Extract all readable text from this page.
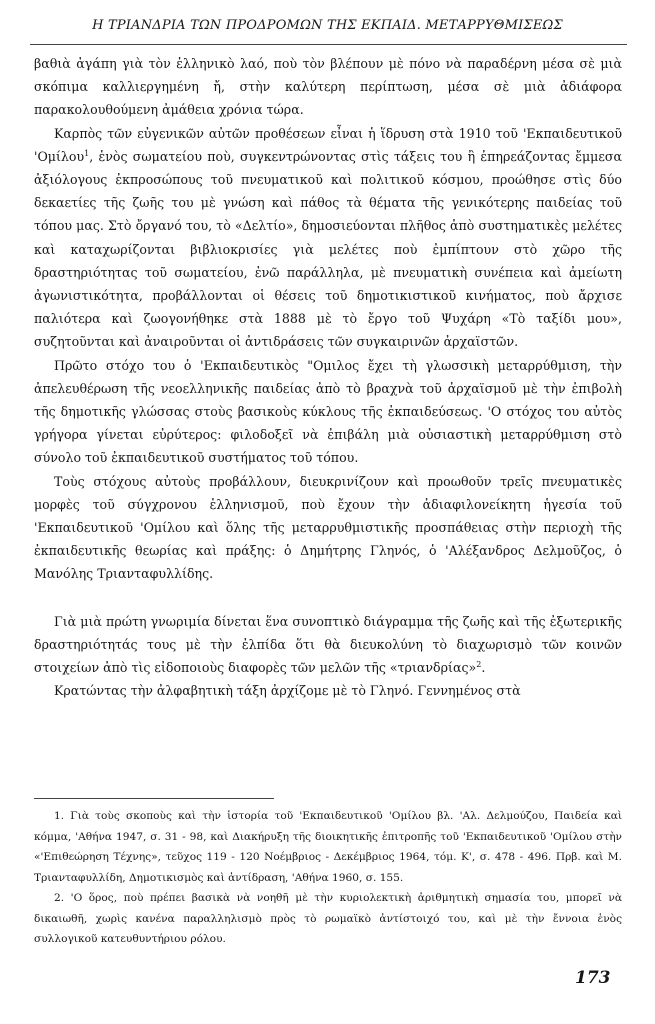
Η ΤΡΙΑΝΔΡΙΑ ΤΩΝ ΠΡΟΔΡΟΜΩΝ ΤΗΣ ΕΚΠΑΙΔ. ΜΕΤΑΡΡΥΘΜΙΣΕΩΣ

βαθιὰ ἀγάπη γιὰ τὸν ἑλληνικὸ λαό, ποὺ τὸν βλέπουν μὲ πόνο νὰ παραδέρνη μέσα σὲ μιὰ σκόπιμα καλλιεργημένη ἤ, στὴν καλύτερη περίπτωση, μέσα σὲ μιὰ ἀδιάφορα παρακολουθούμενη ἀμάθεια χρόνια τώρα.

Καρπὸς τῶν εὐγενικῶν αὐτῶν προθέσεων εἶναι ἡ ἵδρυση στὰ 1910 τοῦ 'Εκπαιδευτικοῦ 'Ομίλου$^1$, ἑνὸς σωματείου ποὺ, συγκεντρώνοντας στὶς τάξεις του ἢ ἐπηρεάζοντας ἔμμεσα ἀξιόλογους ἐκπροσώπους τοῦ πνευματικοῦ καὶ πολιτικοῦ κόσμου, προώθησε στὶς δύο δεκαετίες τῆς ζωῆς του μὲ γνώση καὶ πάθος τὰ θέματα τῆς γενικότερης παιδείας τοῦ τόπου μας. Στὸ ὄργανό του, τὸ «Δελτίο», δημοσιεύονται πλῆθος ἀπὸ συστηματικὲς μελέτες καὶ καταχωρίζονται βιβλιοκρισίες γιὰ μελέτες ποὺ ἐμπίπτουν στὸ χῶρο τῆς δραστηριότητας τοῦ σωματείου, ἐνῶ παράλληλα, μὲ πνευματικὴ συνέπεια καὶ ἀμείωτη ἀγωνιστικότητα, προβάλλονται οἱ θέσεις τοῦ δημοτικιστικοῦ κινήματος, ποὺ ἄρχισε παλιότερα καὶ ζωογονήθηκε στὰ 1888 μὲ τὸ ἔργο τοῦ Ψυχάρη «Τὸ ταξίδι μου», συζητοῦνται καὶ ἀναιροῦνται οἱ ἀντιδράσεις τῶν συγκαιρινῶν ἀρχαϊστῶν.

Πρῶτο στόχο του ὁ 'Εκπαιδευτικὸς "Ομιλος ἔχει τὴ γλωσσικὴ μεταρρύθμιση, τὴν ἀπελευθέρωση τῆς νεοελληνικῆς παιδείας ἀπὸ τὸ βραχνὰ τοῦ ἀρχαϊσμοῦ μὲ τὴν ἐπιβολὴ τῆς δημοτικῆς γλώσσας στοὺς βασικοὺς κύκλους τῆς ἐκπαιδεύσεως. 'Ο στόχος του αὐτὸς γρήγορα γίνεται εὐρύτερος: φιλοδοξεῖ νὰ ἐπιβάλη μιὰ οὐσιαστικὴ μεταρρύθμιση στὸ σύνολο τοῦ ἐκπαιδευτικοῦ συστήματος τοῦ τόπου.

Τοὺς στόχους αὐτοὺς προβάλλουν, διευκρινίζουν καὶ προωθοῦν τρεῖς πνευματικὲς μορφὲς τοῦ σύγχρονου ἑλληνισμοῦ, ποὺ ἔχουν τὴν ἀδιαφιλονείκητη ἡγεσία τοῦ 'Εκπαιδευτικοῦ 'Ομίλου καὶ ὅλης τῆς μεταρρυθμιστικῆς προσπάθειας στὴν περιοχὴ τῆς ἐκπαιδευτικῆς θεωρίας καὶ πράξης: ὁ Δημήτρης Γληνός, ὁ 'Αλέξανδρος Δελμοῦζος, ὁ Μανόλης Τριανταφυλλίδης.

Γιὰ μιὰ πρώτη γνωριμία δίνεται ἕνα συνοπτικὸ διάγραμμα τῆς ζωῆς καὶ τῆς ἐξωτερικῆς δραστηριότητάς τους μὲ τὴν ἐλπίδα ὅτι θὰ διευκολύνη τὸ διαχωρισμὸ τῶν κοινῶν στοιχείων ἀπὸ τὶς εἰδοποιοὺς διαφορὲς τῶν μελῶν τῆς «τριανδρίας»$^2$.

Κρατώντας τὴν ἀλφαβητικὴ τάξη ἀρχίζομε μὲ τὸ Γληνό. Γεννημένος στὰ

1. Γιὰ τοὺς σκοποὺς καὶ τὴν ἱστορία τοῦ 'Εκπαιδευτικοῦ 'Ομίλου βλ. 'Αλ. Δελμούζου, Παιδεία καὶ κόμμα, 'Αθήνα 1947, σ. 31 - 98, καὶ Διακήρυξη τῆς διοικητικῆς ἐπιτροπῆς τοῦ 'Εκπαιδευτικοῦ 'Ομίλου στὴν «'Επιθεώρηση Τέχνης», τεῦχος 119 - 120 Νοέμβριος - Δεκέμβριος 1964, τόμ. Κ', σ. 478 - 496. Πρβ. καὶ Μ. Τριανταφυλλίδη, Δημοτικισμὸς καὶ ἀντίδραση, 'Αθήνα 1960, σ. 155.

2. 'Ο ὅρος, ποὺ πρέπει βασικὰ νὰ νοηθῆ μὲ τὴν κυριολεκτικὴ ἀριθμητικὴ σημασία του, μπορεῖ νὰ δικαιωθῆ, χωρὶς κανένα παραλληλισμὸ πρὸς τὸ ρωμαϊκὸ ἀντίστοιχό του, καὶ μὲ τὴν ἔννοια ἑνὸς συλλογικοῦ κατευθυντήριου ρόλου.

173
